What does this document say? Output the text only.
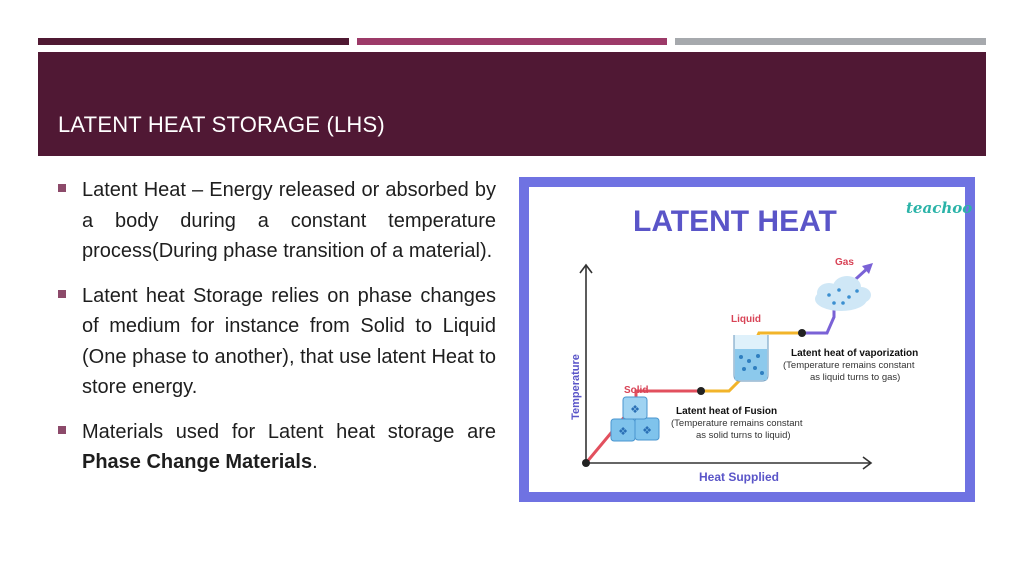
LATENT HEAT STORAGE (LHS)
Latent Heat – Energy released or absorbed by a body during a constant temperature process(During phase transition of a material).
Latent heat Storage relies on phase changes of medium for instance from Solid to Liquid (One phase to another), that use latent Heat to store energy.
Materials used for Latent heat storage are Phase Change Materials.
LATENT HEAT	teachoo
Temperature
Heat Supplied
❖ ❖
❖
Solid
Liquid
Gas
Latent heat of Fusion
(Temperature remains constant
as solid turns to liquid)
Latent heat of vaporization
(Temperature remains constant
as liquid turns to gas)
